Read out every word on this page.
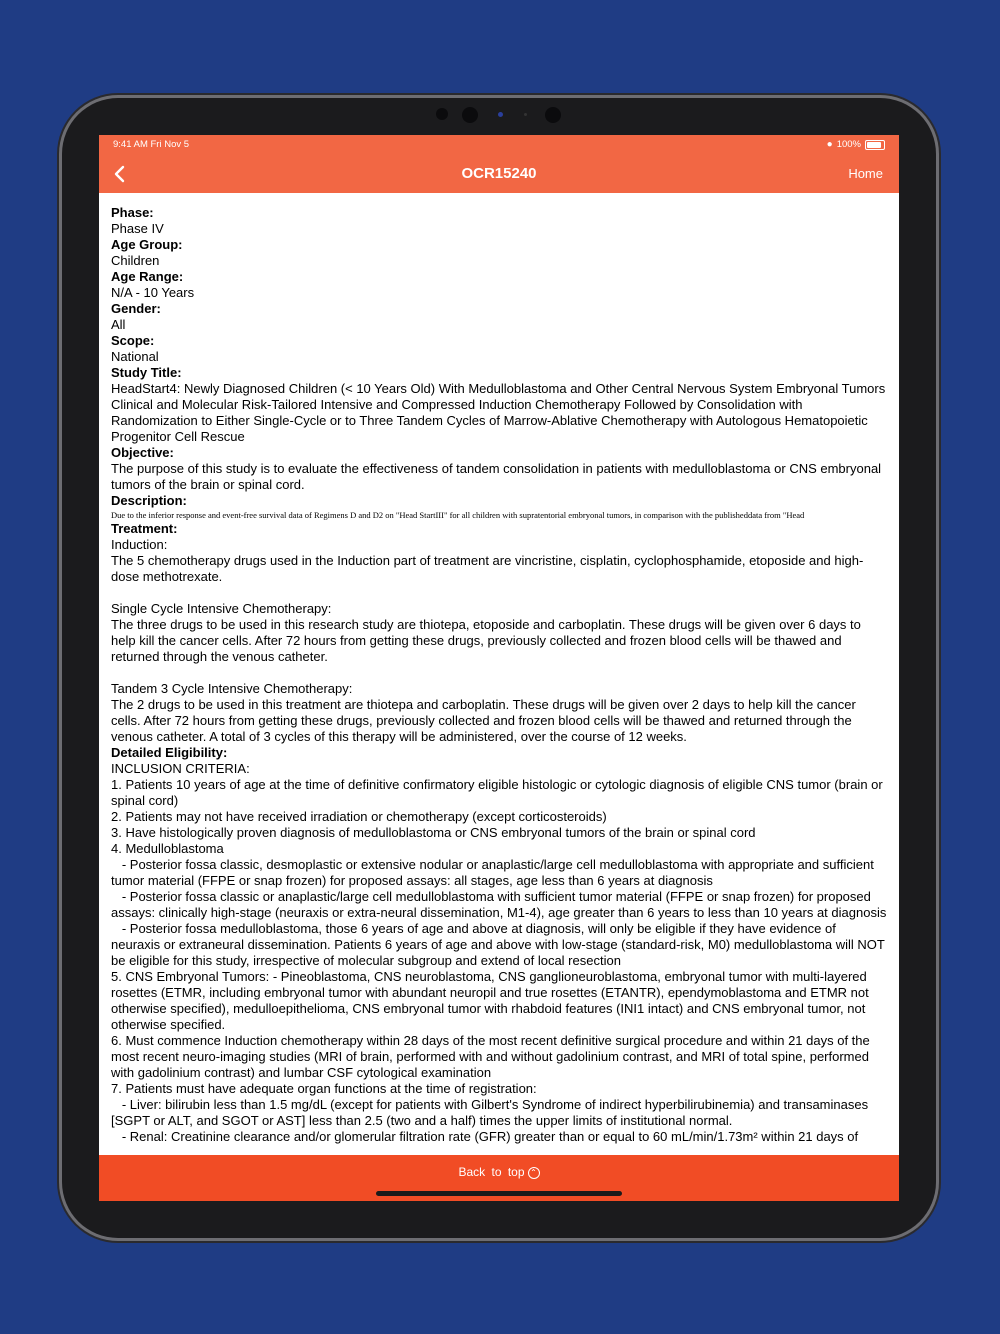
9:41 AM Fri Nov 5	● 100%
OCR15240	Home
Phase:
Phase IV
Age Group:
Children
Age Range:
N/A - 10 Years
Gender:
All
Scope:
National
Study Title:
HeadStart4: Newly Diagnosed Children (< 10 Years Old) With Medulloblastoma and Other Central Nervous System Embryonal Tumors Clinical and Molecular Risk-Tailored Intensive and Compressed Induction Chemotherapy Followed by Consolidation with Randomization to Either Single-Cycle or to Three Tandem Cycles of Marrow-Ablative Chemotherapy with Autologous Hematopoietic Progenitor Cell Rescue
Objective:
The purpose of this study is to evaluate the effectiveness of tandem consolidation in patients with medulloblastoma or CNS embryonal tumors of the brain or spinal cord.
Description:
Due to the inferior response and event-free survival data of Regimens D and D2 on "Head StartIII" for all children with supratentorial embryonal tumors, in comparison with the publisheddata from "Head
Treatment:
Induction:
The 5 chemotherapy drugs used in the Induction part of treatment are vincristine, cisplatin, cyclophosphamide, etoposide and high-dose methotrexate.

Single Cycle Intensive Chemotherapy:
The three drugs to be used in this research study are thiotepa, etoposide and carboplatin. These drugs will be given over 6 days to help kill the cancer cells. After 72 hours from getting these drugs, previously collected and frozen blood cells will be thawed and returned through the venous catheter.

Tandem 3 Cycle Intensive Chemotherapy:
The 2 drugs to be used in this treatment are thiotepa and carboplatin. These drugs will be given over 2 days to help kill the cancer cells. After 72 hours from getting these drugs, previously collected and frozen blood cells will be thawed and returned through the venous catheter. A total of 3 cycles of this therapy will be administered, over the course of 12 weeks.
Detailed Eligibility:
INCLUSION CRITERIA:
1. Patients 10 years of age at the time of definitive confirmatory eligible histologic or cytologic diagnosis of eligible CNS tumor (brain or spinal cord)
2. Patients may not have received irradiation or chemotherapy (except corticosteroids)
3. Have histologically proven diagnosis of medulloblastoma or CNS embryonal tumors of the brain or spinal cord
4. Medulloblastoma
- Posterior fossa classic, desmoplastic or extensive nodular or anaplastic/large cell medulloblastoma with appropriate and sufficient tumor material (FFPE or snap frozen) for proposed assays: all stages, age less than 6 years at diagnosis
- Posterior fossa classic or anaplastic/large cell medulloblastoma with sufficient tumor material (FFPE or snap frozen) for proposed assays: clinically high-stage (neuraxis or extra-neural dissemination, M1-4), age greater than 6 years to less than 10 years at diagnosis
- Posterior fossa medulloblastoma, those 6 years of age and above at diagnosis, will only be eligible if they have evidence of neuraxis or extraneural dissemination. Patients 6 years of age and above with low-stage (standard-risk, M0) medulloblastoma will NOT be eligible for this study, irrespective of molecular subgroup and extend of local resection
5. CNS Embryonal Tumors: - Pineoblastoma, CNS neuroblastoma, CNS ganglioneuroblastoma, embryonal tumor with multi-layered rosettes (ETMR, including embryonal tumor with abundant neuropil and true rosettes (ETANTR), ependymoblastoma and ETMR not otherwise specified), medulloepithelioma, CNS embryonal tumor with rhabdoid features (INI1 intact) and CNS embryonal tumor, not otherwise specified.
6. Must commence Induction chemotherapy within 28 days of the most recent definitive surgical procedure and within 21 days of the most recent neuro-imaging studies (MRI of brain, performed with and without gadolinium contrast, and MRI of total spine, performed with gadolinium contrast) and lumbar CSF cytological examination
7. Patients must have adequate organ functions at the time of registration:
- Liver: bilirubin less than 1.5 mg/dL (except for patients with Gilbert's Syndrome of indirect hyperbilirubinemia) and transaminases [SGPT or ALT, and SGOT or AST] less than 2.5 (two and a half) times the upper limits of institutional normal.
- Renal: Creatinine clearance and/or glomerular filtration rate (GFR) greater than or equal to 60 mL/min/1.73m² within 21 days of
Back to top ⌃
